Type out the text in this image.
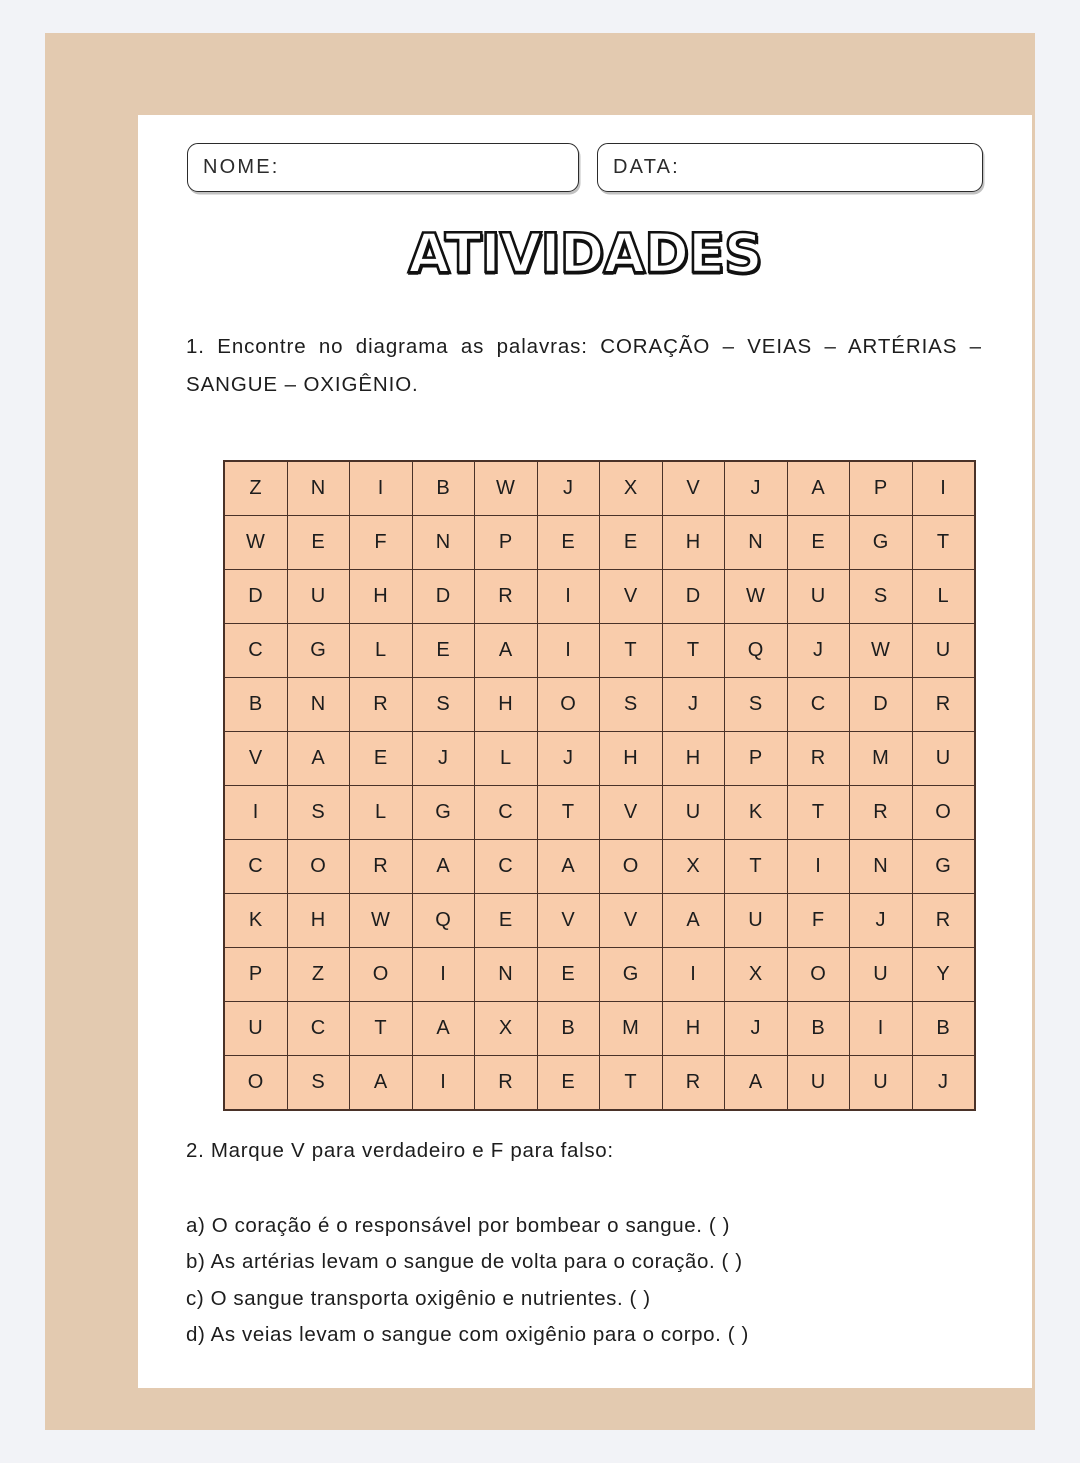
NOME:	DATA:
ATIVIDADES
1. Encontre no diagrama as palavras: CORAÇÃO – VEIAS – ARTÉRIAS – SANGUE – OXIGÊNIO.
Z	N	I	B	W	J	X	V	J	A	P	I
W	E	F	N	P	E	E	H	N	E	G	T
D	U	H	D	R	I	V	D	W	U	S	L
C	G	L	E	A	I	T	T	Q	J	W	U
B	N	R	S	H	O	S	J	S	C	D	R
V	A	E	J	L	J	H	H	P	R	M	U
I	S	L	G	C	T	V	U	K	T	R	O
C	O	R	A	C	A	O	X	T	I	N	G
K	H	W	Q	E	V	V	A	U	F	J	R
P	Z	O	I	N	E	G	I	X	O	U	Y
U	C	T	A	X	B	M	H	J	B	I	B
O	S	A	I	R	E	T	R	A	U	U	J
2. Marque V para verdadeiro e F para falso:
a) O coração é o responsável por bombear o sangue. ( )
b) As artérias levam o sangue de volta para o coração. ( )
c) O sangue transporta oxigênio e nutrientes. ( )
d) As veias levam o sangue com oxigênio para o corpo. ( )
